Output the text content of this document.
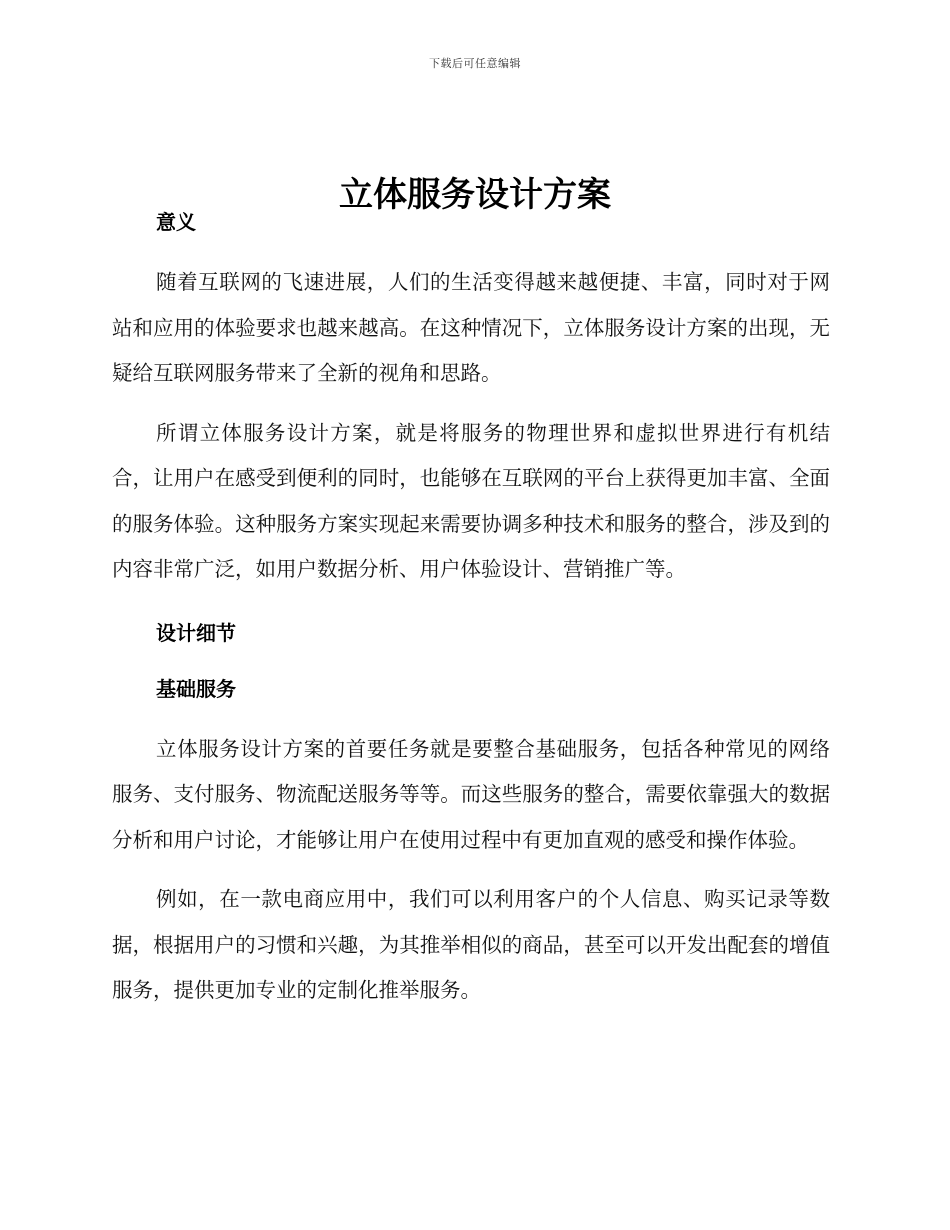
下载后可任意编辑
立体服务设计方案

意义

随着互联网的飞速进展，人们的生活变得越来越便捷、丰富，同时对于网站和应用的体验要求也越来越高。在这种情况下，立体服务设计方案的出现，无疑给互联网服务带来了全新的视角和思路。

所谓立体服务设计方案，就是将服务的物理世界和虚拟世界进行有机结合，让用户在感受到便利的同时，也能够在互联网的平台上获得更加丰富、全面的服务体验。这种服务方案实现起来需要协调多种技术和服务的整合，涉及到的内容非常广泛，如用户数据分析、用户体验设计、营销推广等。

设计细节

基础服务

立体服务设计方案的首要任务就是要整合基础服务，包括各种常见的网络服务、支付服务、物流配送服务等等。而这些服务的整合，需要依靠强大的数据分析和用户讨论，才能够让用户在使用过程中有更加直观的感受和操作体验。

例如，在一款电商应用中，我们可以利用客户的个人信息、购买记录等数据，根据用户的习惯和兴趣，为其推举相似的商品，甚至可以开发出配套的增值服务，提供更加专业的定制化推举服务。
